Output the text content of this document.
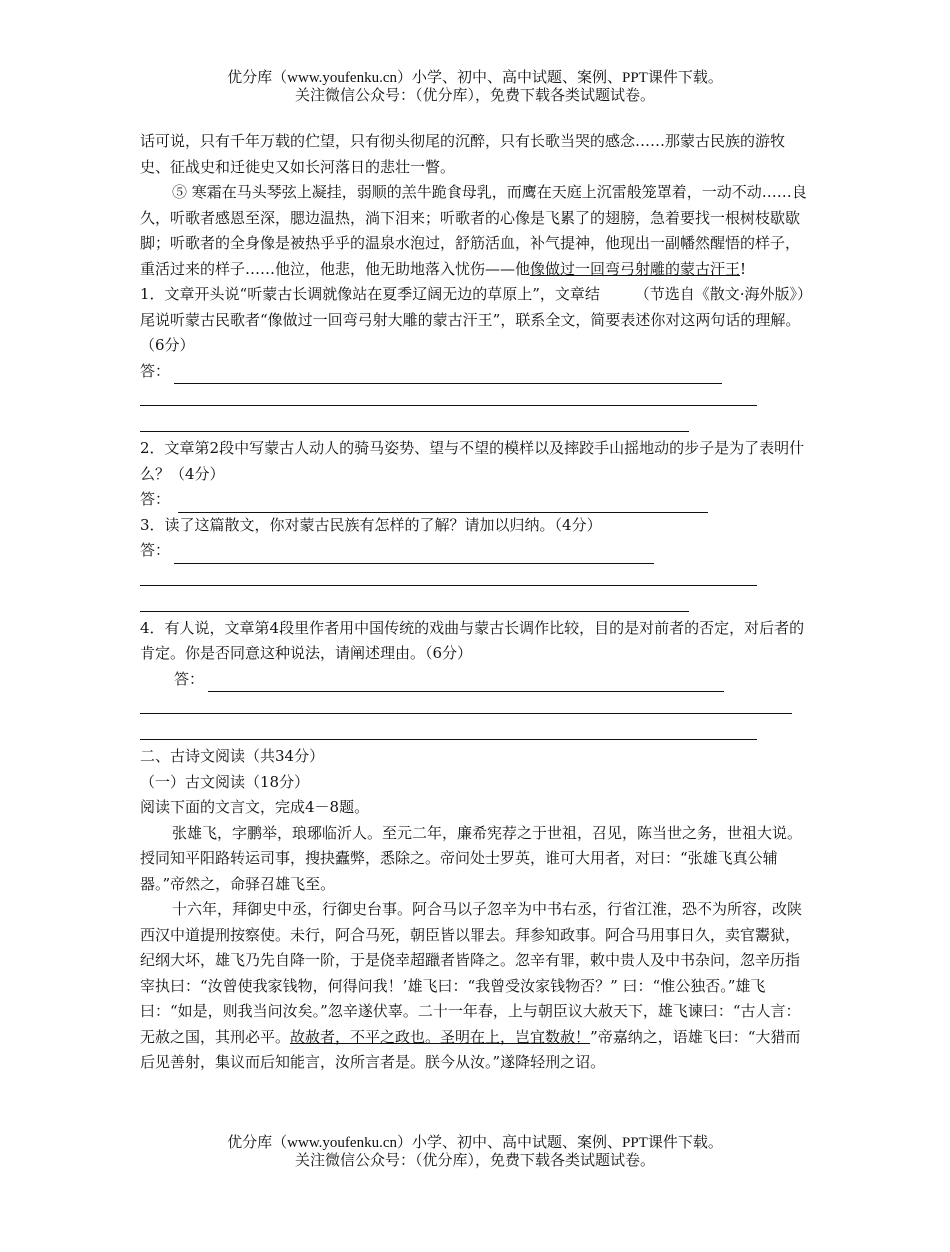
优分库（www.youfenku.cn）小学、初中、高中试题、案例、PPT课件下载。
关注微信公众号：（优分库），免费下载各类试题试卷。

话可说，只有千年万载的伫望，只有彻头彻尾的沉醉，只有长歌当哭的感念……那蒙古民族的游牧史、征战史和迁徙史又如长河落日的悲壮一瞥。

⑤ 寒霜在马头琴弦上凝挂，弱顺的羔牛跪食母乳，而鹰在天庭上沉雷般笼罩着，一动不动……良久，听歌者感恩至深，腮边温热，淌下泪来；听歌者的心像是飞累了的翅膀，急着要找一根树枝歇歇脚；听歌者的全身像是被热乎乎的温泉水泡过，舒筋活血，补气提神，他现出一副幡然醒悟的样子，重活过来的样子……他泣，他悲，他无助地落入忧伤——他像做过一回弯弓射雕的蒙古汗王!
（节选自《散文·海外版》）

1．文章开头说“听蒙古长调就像站在夏季辽阔无边的草原上”，文章结尾说听蒙古民歌者“像做过一回弯弓射大雕的蒙古汗王”，联系全文，简要表述你对这两句话的理解。（6分）

答：

2．文章第2段中写蒙古人动人的骑马姿势、望与不望的模样以及摔跤手山摇地动的步子是为了表明什么？（4分）

答：

3．读了这篇散文，你对蒙古民族有怎样的了解？请加以归纳。（4分）

答：

4．有人说，文章第4段里作者用中国传统的戏曲与蒙古长调作比较，目的是对前者的否定，对后者的肯定。你是否同意这种说法，请阐述理由。（6分）

答：

二、古诗文阅读（共34分）

（一）古文阅读（18分）

阅读下面的文言文，完成4－8题。

张雄飞，字鹏举，琅琊临沂人。至元二年，廉希宪荐之于世祖，召见，陈当世之务，世祖大说。授同知平阳路转运司事，搜抉蠹弊，悉除之。帝问处士罗英，谁可大用者，对曰：“张雄飞真公辅器。”帝然之，命驿召雄飞至。

十六年，拜御史中丞，行御史台事。阿合马以子忽辛为中书右丞，行省江淮，恐不为所容，改陕西汉中道提刑按察使。未行，阿合马死，朝臣皆以罪去。拜参知政事。阿合马用事日久，卖官鬻狱，纪纲大坏，雄飞乃先自降一阶，于是侥幸超躐者皆降之。忽辛有罪，敕中贵人及中书杂问，忽辛历指宰执曰：“汝曾使我家钱物，何得问我！’雄飞曰：“我曾受汝家钱物否？” 曰：“惟公独否。”雄飞曰：“如是，则我当问汝矣。”忽辛遂伏辜。二十一年春，上与朝臣议大赦天下，雄飞谏曰：“古人言：无赦之国，其刑必平。故赦者，不平之政也。圣明在上，岂宜数赦！”帝嘉纳之，语雄飞曰：“大猎而后见善射，集议而后知能言，汝所言者是。朕今从汝。”遂降轻刑之诏。

优分库（www.youfenku.cn）小学、初中、高中试题、案例、PPT课件下载。
关注微信公众号：（优分库），免费下载各类试题试卷。
